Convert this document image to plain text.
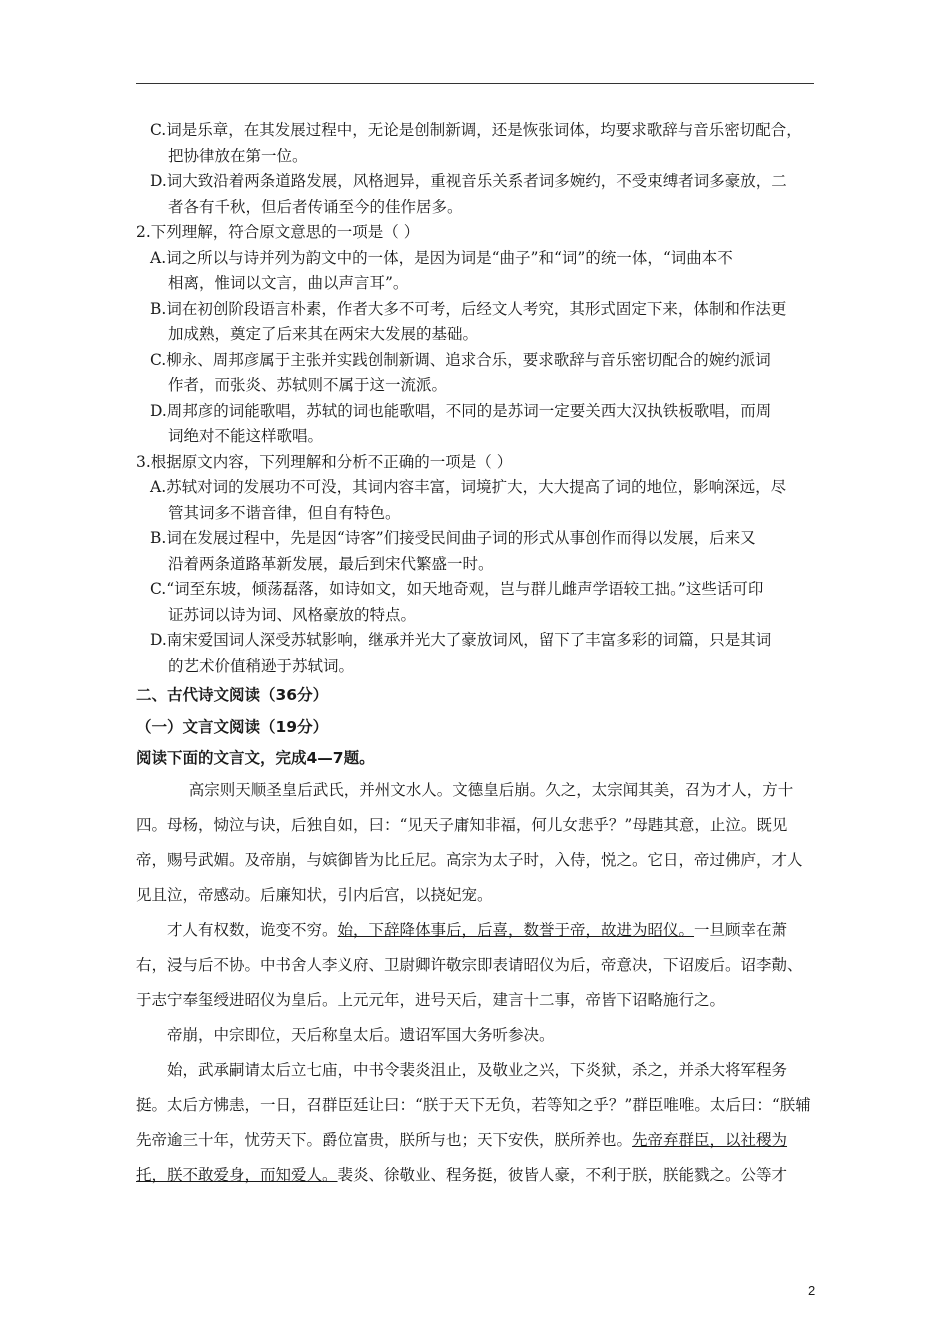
C.词是乐章，在其发展过程中，无论是创制新调，还是恢张词体，均要求歌辞与音乐密切配合，
把协律放在第一位。
D.词大致沿着两条道路发展，风格迥异，重视音乐关系者词多婉约，不受束缚者词多豪放，二
者各有千秋，但后者传诵至今的佳作居多。
2.下列理解，符合原文意思的一项是（ ）
A.词之所以与诗并列为韵文中的一体，是因为词是“曲子”和“词”的统一体，“词曲本不
相离，惟词以文言，曲以声言耳”。
B.词在初创阶段语言朴素，作者大多不可考，后经文人考究，其形式固定下来，体制和作法更
加成熟，奠定了后来其在两宋大发展的基础。
C.柳永、周邦彦属于主张并实践创制新调、追求合乐，要求歌辞与音乐密切配合的婉约派词
作者，而张炎、苏轼则不属于这一流派。
D.周邦彦的词能歌唱，苏轼的词也能歌唱，不同的是苏词一定要关西大汉执铁板歌唱，而周
词绝对不能这样歌唱。
3.根据原文内容，下列理解和分析不正确的一项是（ ）
A.苏轼对词的发展功不可没，其词内容丰富，词境扩大，大大提高了词的地位，影响深远，尽
管其词多不谐音律，但自有特色。
B.词在发展过程中，先是因“诗客”们接受民间曲子词的形式从事创作而得以发展，后来又
沿着两条道路革新发展，最后到宋代繁盛一时。
C.“词至东坡，倾荡磊落，如诗如文，如天地奇观，岂与群儿雌声学语较工拙。”这些话可印
证苏词以诗为词、风格豪放的特点。
D.南宋爱国词人深受苏轼影响，继承并光大了豪放词风，留下了丰富多彩的词篇，只是其词
的艺术价值稍逊于苏轼词。
二、古代诗文阅读（36分）
（一）文言文阅读（19分）
阅读下面的文言文，完成4—7题。
高宗则天顺圣皇后武氏，并州文水人。文德皇后崩。久之，太宗闻其美，召为才人，方十四。母杨，恸泣与诀，后独自如，曰：“见天子庸知非福，何儿女悲乎？”母韪其意，止泣。既见帝，赐号武媚。及帝崩，与嫔御皆为比丘尼。高宗为太子时，入侍，悦之。它日，帝过佛庐，才人见且泣，帝感动。后廉知状，引内后宫，以挠妃宠。
才人有权数，诡变不穷。始，下辞降体事后，后喜，数誉于帝，故进为昭仪。一旦顾幸在萧右，浸与后不协。中书舍人李义府、卫尉卿许敬宗即表请昭仪为后，帝意决，下诏废后。诏李勣、于志宁奉玺绶进昭仪为皇后。上元元年，进号天后，建言十二事，帝皆下诏略施行之。
帝崩，中宗即位，天后称皇太后。遗诏军国大务听参决。
始，武承嗣请太后立七庙，中书令裴炎沮止，及敬业之兴，下炎狱，杀之，并杀大将军程务挺。太后方怫恚，一日，召群臣廷让曰：“朕于天下无负，若等知之乎？”群臣唯唯。太后曰：“朕辅先帝逾三十年，忧劳天下。爵位富贵，朕所与也；天下安佚，朕所养也。先帝弃群臣，以社稷为托，朕不敢爱身，而知爱人。裴炎、徐敬业、程务挺，彼皆人豪，不利于朕，朕能戮之。公等才
2
